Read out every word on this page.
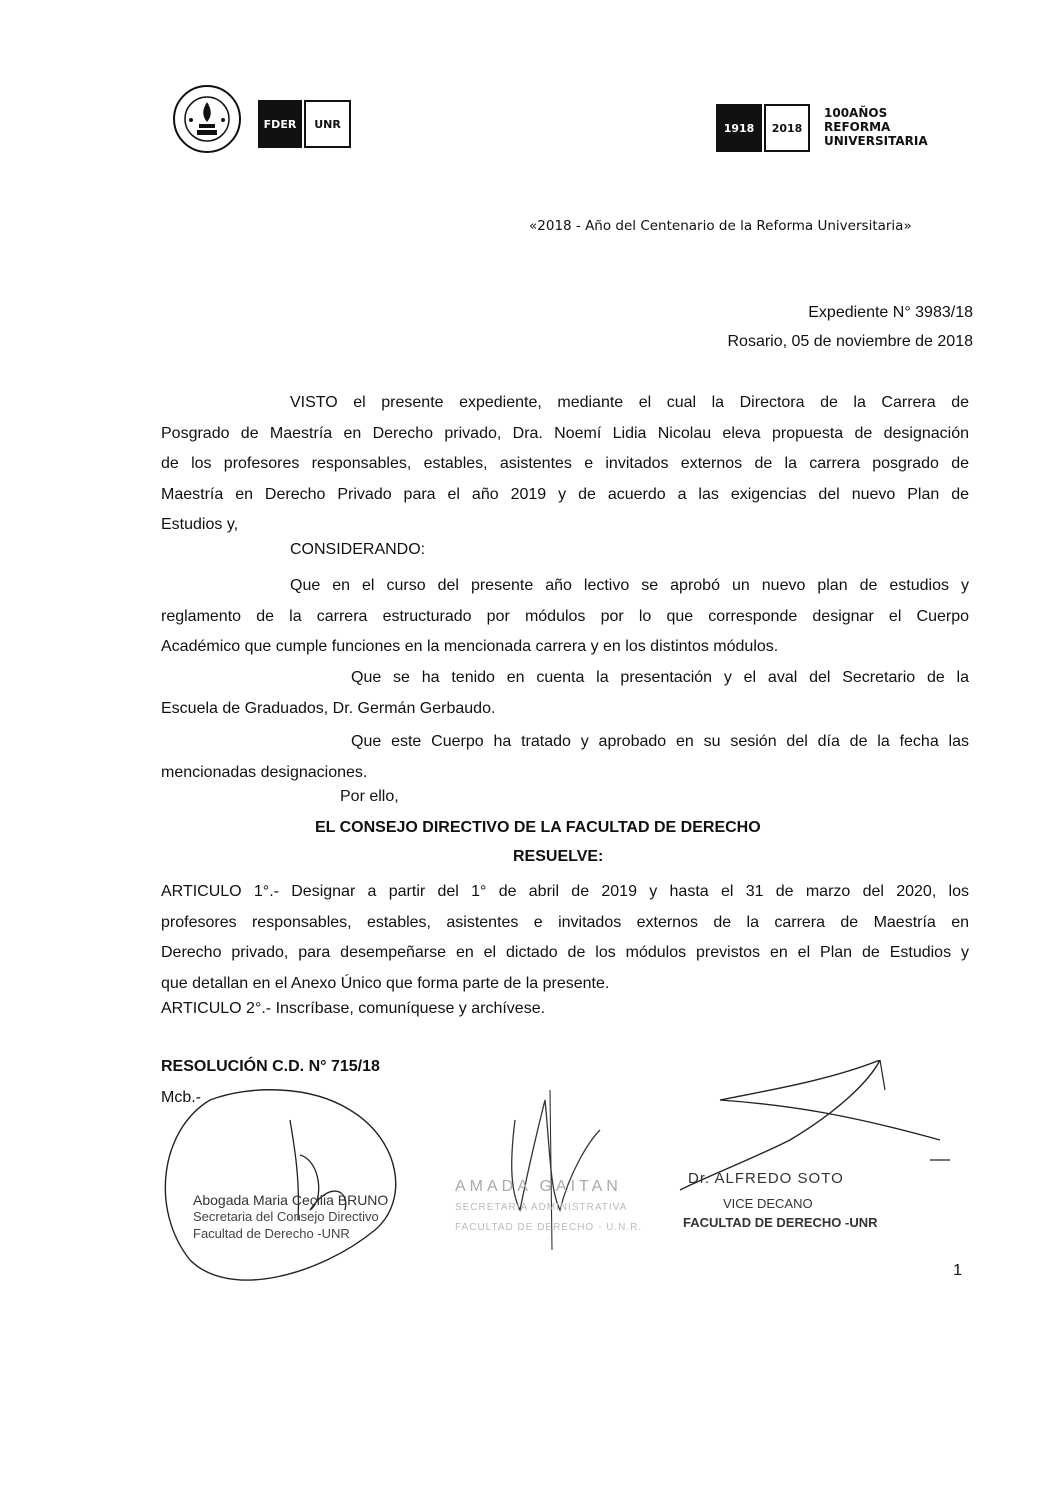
FDER	UNR	1918	2018
100AÑOS
REFORMA
UNIVERSITARIA
«2018 - Año del Centenario de la Reforma Universitaria»
Expediente N° 3983/18
Rosario, 05 de noviembre de 2018
VISTO el presente expediente, mediante el cual la Directora de la Carrera de
Posgrado de Maestría en Derecho privado, Dra. Noemí Lidia Nicolau eleva propuesta de designación
de los profesores responsables, estables, asistentes e invitados externos de la carrera posgrado de
Maestría en Derecho Privado para el año 2019 y de acuerdo a las exigencias del nuevo Plan de
Estudios y,
CONSIDERANDO:
Que en el curso del presente año lectivo se aprobó un nuevo plan de estudios y
reglamento de la carrera estructurado por módulos por lo que corresponde designar el Cuerpo
Académico que cumple funciones en la mencionada carrera y en los distintos módulos.
Que se ha tenido en cuenta la presentación y el aval del Secretario de la
Escuela de Graduados, Dr. Germán Gerbaudo.
Que este Cuerpo ha tratado y aprobado en su sesión del día de la fecha las
mencionadas designaciones.
Por ello,
EL CONSEJO DIRECTIVO DE LA FACULTAD DE DERECHO
RESUELVE:
ARTICULO 1°.- Designar a partir del 1° de abril de 2019 y hasta el 31 de marzo del 2020, los
profesores responsables, estables, asistentes e invitados externos de la carrera de Maestría en
Derecho privado, para desempeñarse en el dictado de los módulos previstos en el Plan de Estudios y
que detallan en el Anexo Único que forma parte de la presente.
ARTICULO 2°.- Inscríbase, comuníquese y archívese.
RESOLUCIÓN C.D. N° 715/18
Mcb.-
Abogada Maria Cecilia BRUNO
Secretaria del Consejo Directivo
Facultad de Derecho -UNR
AMADA GAITAN
SECRETARIA ADMINISTRATIVA
FACULTAD DE DERECHO - U.N.R.
Dr. ALFREDO SOTO
VICE DECANO
FACULTAD DE DERECHO -UNR
1
